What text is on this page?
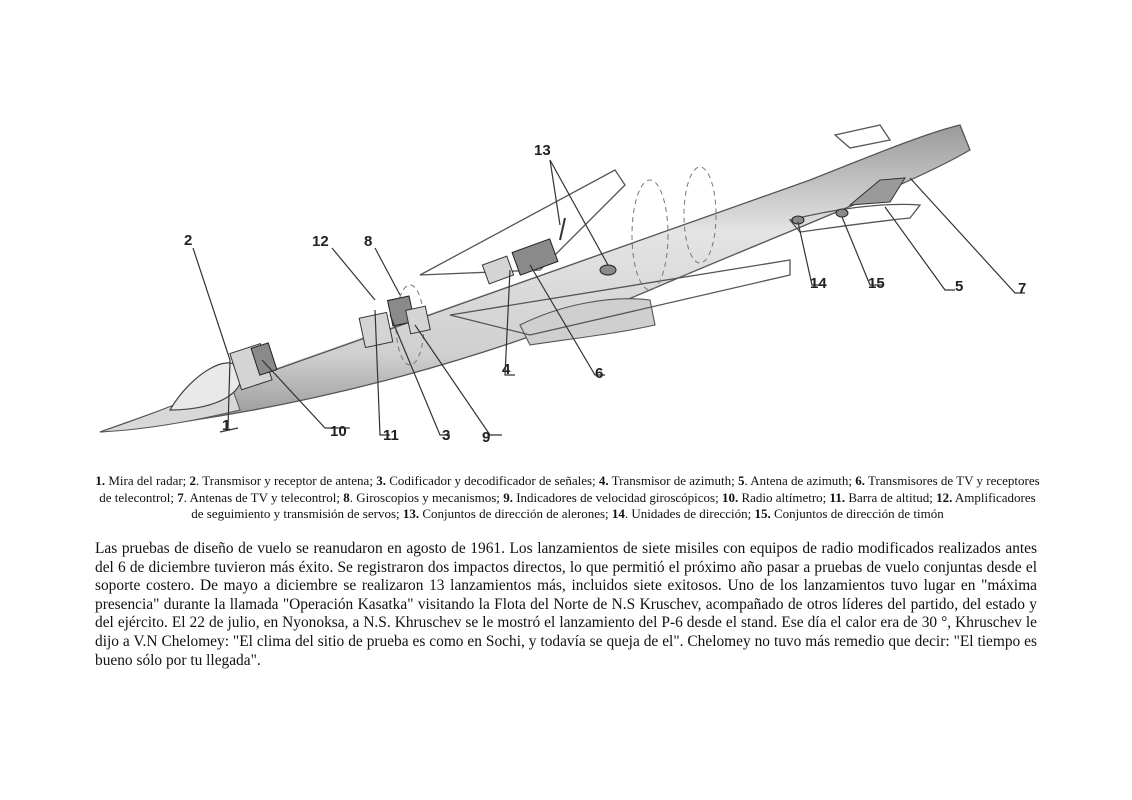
2	12 8
13
1	10 11	3 9
4	6
14	15	5	7
1. Mira del radar; 2. Transmisor y receptor de antena; 3. Codificador y decodificador de señales; 4. Transmisor de azimuth; 5. Antena de azimuth; 6. Transmisores de TV y receptores de telecontrol; 7. Antenas de TV y telecontrol; 8. Giroscopios y mecanismos; 9. Indicadores de velocidad giroscópicos; 10. Radio altímetro; 11. Barra de altitud; 12. Amplificadores de seguimiento y transmisión de servos; 13. Conjuntos de dirección de alerones; 14. Unidades de dirección; 15. Conjuntos de dirección de timón

Las pruebas de diseño de vuelo se reanudaron en agosto de 1961. Los lanzamientos de siete misiles con equipos de radio modificados realizados antes del 6 de diciembre tuvieron más éxito. Se registraron dos impactos directos, lo que permitió el próximo año pasar a pruebas de vuelo conjuntas desde el soporte costero. De mayo a diciembre se realizaron 13 lanzamientos más, incluidos siete exitosos. Uno de los lanzamientos tuvo lugar en "máxima presencia" durante la llamada "Operación Kasatka" visitando la Flota del Norte de N.S Kruschev, acompañado de otros líderes del partido, del estado y del ejército. El 22 de julio, en Nyonoksa, a N.S. Khruschev se le mostró el lanzamiento del P-6 desde el stand. Ese día el calor era de 30 °, Khruschev le dijo a V.N Chelomey: "El clima del sitio de prueba es como en Sochi, y todavía se queja de el". Chelomey no tuvo más remedio que decir: "El tiempo es bueno sólo por tu llegada".
